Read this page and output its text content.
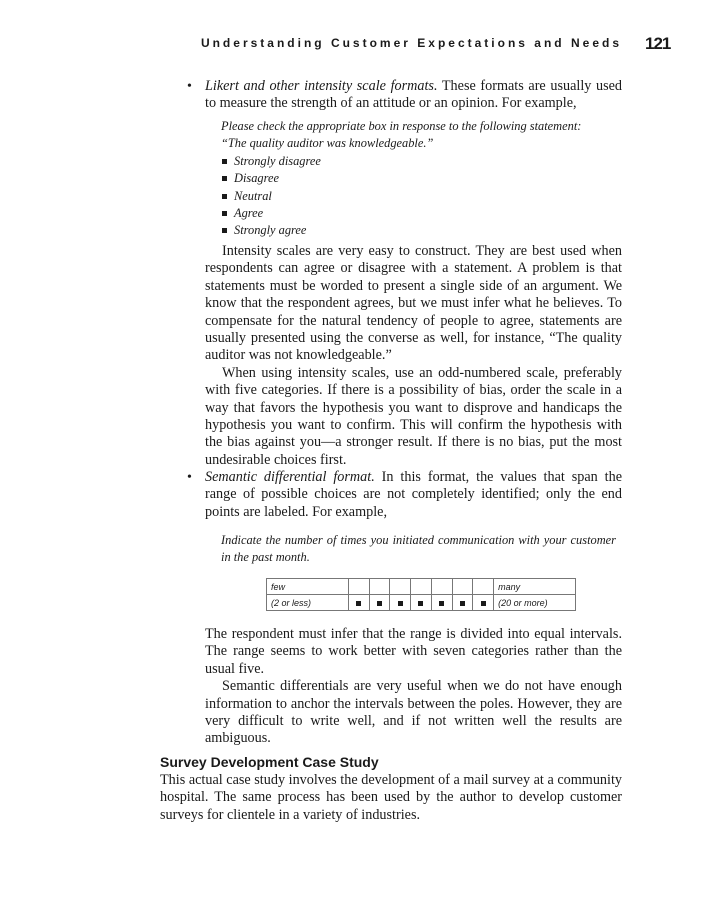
Understanding Customer Expectations and Needs 121
• Likert and other intensity scale formats. These formats are usually used to measure the strength of an attitude or an opinion. For example,
Please check the appropriate box in response to the following statement:
“The quality auditor was knowledgeable.”
Strongly disagree
Disagree
Neutral
Agree
Strongly agree
Intensity scales are very easy to construct. They are best used when respondents can agree or disagree with a statement. A problem is that statements must be worded to present a single side of an argument. We know that the respondent agrees, but we must infer what he believes. To compensate for the natural tendency of people to agree, statements are usually presented using the converse as well, for instance, “The quality auditor was not knowledgeable.”
When using intensity scales, use an odd-numbered scale, preferably with five categories. If there is a possibility of bias, order the scale in a way that favors the hypothesis you want to disprove and handicaps the hypothesis you want to confirm. This will confirm the hypothesis with the bias against you—a stronger result. If there is no bias, put the most undesirable choices first.
• Semantic differential format. In this format, the values that span the range of possible choices are not completely identified; only the end points are labeled. For example,
Indicate the number of times you initiated communication with your customer in the past month.
few								many
(2 or less)								(20 or more)
The respondent must infer that the range is divided into equal intervals. The range seems to work better with seven categories rather than the usual five.
Semantic differentials are very useful when we do not have enough information to anchor the intervals between the poles. However, they are very difficult to write well, and if not written well the results are ambiguous.
Survey Development Case Study
This actual case study involves the development of a mail survey at a community hospital. The same process has been used by the author to develop customer surveys for clientele in a variety of industries.
